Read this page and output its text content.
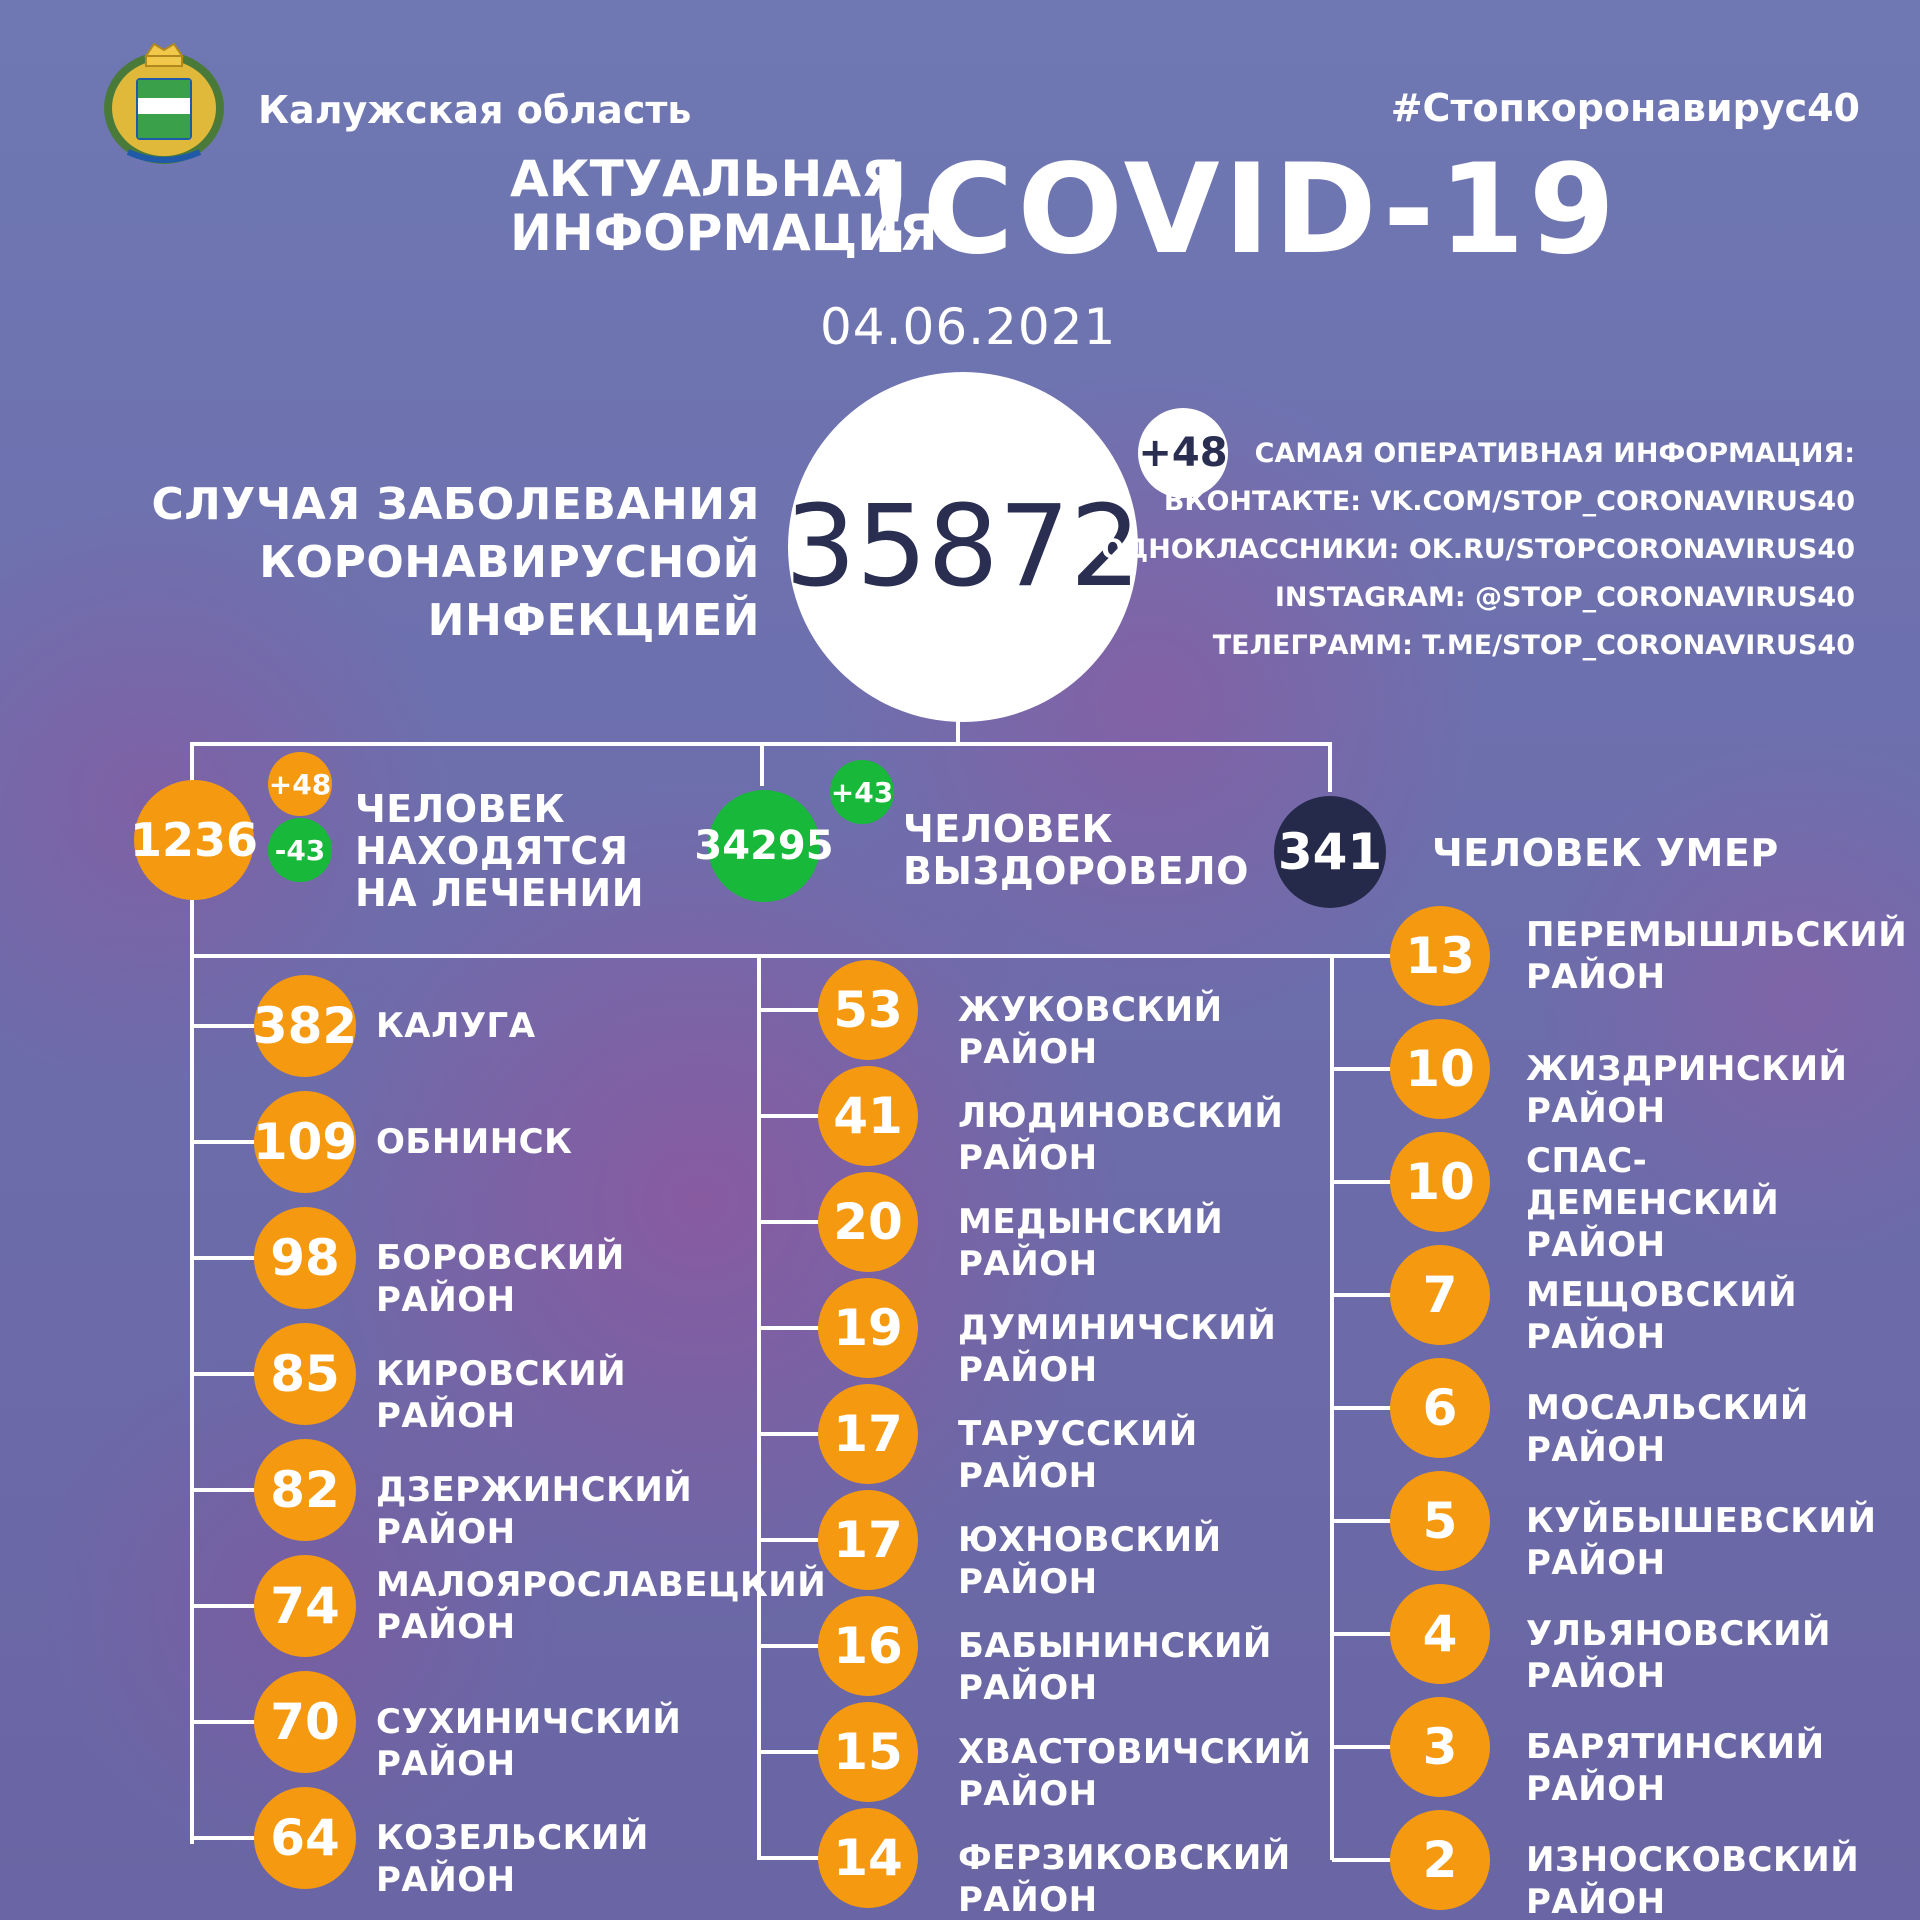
Калужская область	#Стопкоронавирус40
АКТУАЛЬНАЯ
ИНФОРМАЦИЯ
!COVID-19
04.06.2021
СЛУЧАЯ ЗАБОЛЕВАНИЯ
КОРОНАВИРУСНОЙ ИНФЕКЦИЕЙ
35872
+48	САМАЯ ОПЕРАТИВНАЯ ИНФОРМАЦИЯ:
ВКОНТАКТЕ: VK.COM/STOP_CORONAVIRUS40
ОДНОКЛАССНИКИ: OK.RU/STOPCORONAVIRUS40
INSTAGRAM: @STOP_CORONAVIRUS40
ТЕЛЕГРАММ: T.ME/STOP_CORONAVIRUS40
1236
+48
-43
ЧЕЛОВЕК
НАХОДЯТСЯ
НА ЛЕЧЕНИИ
34295
+43
ЧЕЛОВЕК
ВЫЗДОРОВЕЛО 341 ЧЕЛОВЕК УМЕР
382 КАЛУГА
109 ОБНИНСК
98 БОРОВСКИЙ РАЙОН
85 КИРОВСКИЙ РАЙОН
82 ДЗЕРЖИНСКИЙ РАЙОН
74 МАЛОЯРОСЛАВЕЦКИЙ
РАЙОН
70 СУХИНИЧСКИЙ РАЙОН
64 КОЗЕЛЬСКИЙ РАЙОН
53 ЖУКОВСКИЙ РАЙОН
41 ЛЮДИНОВСКИЙ РАЙОН
20 МЕДЫНСКИЙ РАЙОН
19 ДУМИНИЧСКИЙ РАЙОН
17 ТАРУССКИЙ РАЙОН
17 ЮХНОВСКИЙ РАЙОН
16 БАБЫНИНСКИЙ РАЙОН
15 ХВАСТОВИЧСКИЙ РАЙОН
14 ФЕРЗИКОВСКИЙ РАЙОН
13 ПЕРЕМЫШЛЬСКИЙ
РАЙОН
10 ЖИЗДРИНСКИЙ РАЙОН
10 СПАС-ДЕМЕНСКИЙ
РАЙОН
7 МЕЩОВСКИЙ РАЙОН
6 МОСАЛЬСКИЙ РАЙОН
5 КУЙБЫШЕВСКИЙ РАЙОН
4 УЛЬЯНОВСКИЙ РАЙОН
3 БАРЯТИНСКИЙ РАЙОН
2 ИЗНОСКОВСКИЙ РАЙОН
